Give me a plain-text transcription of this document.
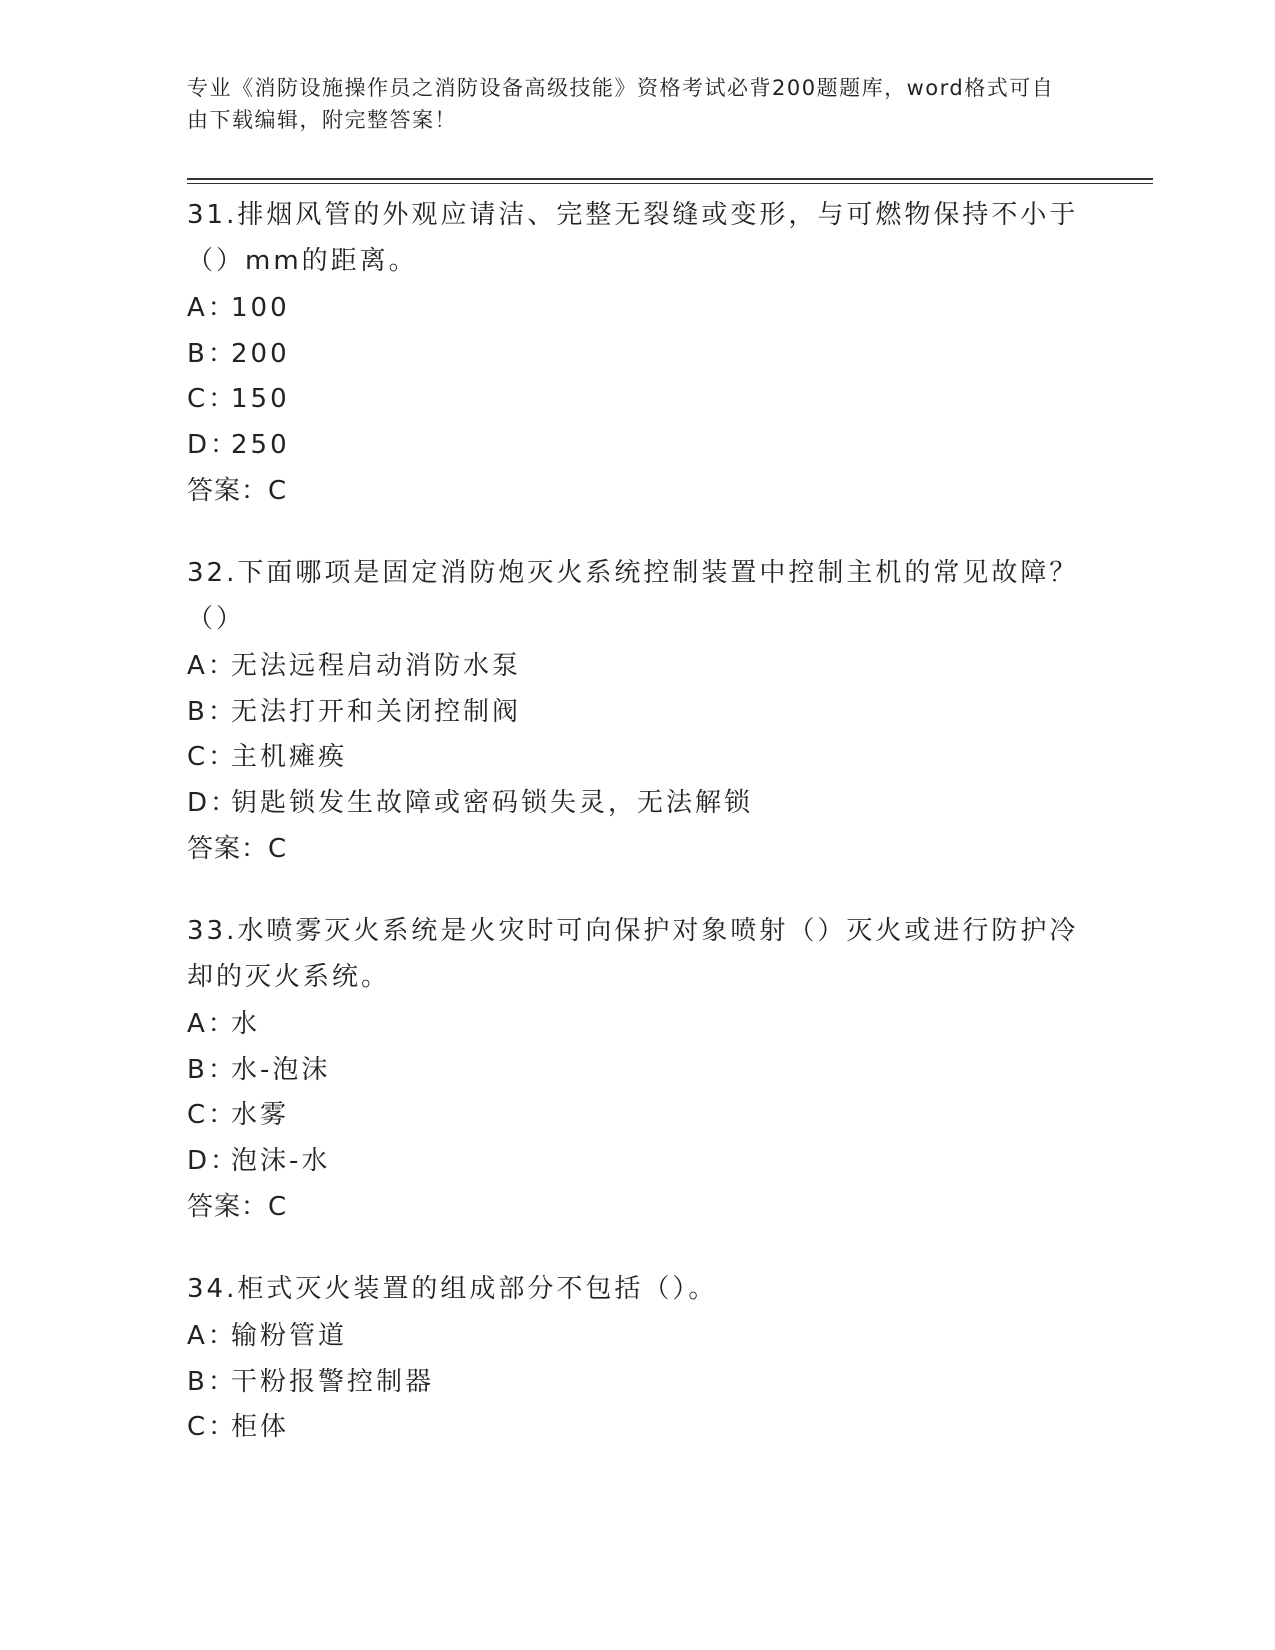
专业《消防设施操作员之消防设备高级技能》资格考试必背200题题库，word格式可自由下载编辑，附完整答案！
31.排烟风管的外观应请洁、完整无裂缝或变形，与可燃物保持不小于（）mm的距离。
A：100
B：200
C：150
D：250
答案：C
32.下面哪项是固定消防炮灭火系统控制装置中控制主机的常见故障？（）
A：无法远程启动消防水泵
B：无法打开和关闭控制阀
C：主机瘫痪
D：钥匙锁发生故障或密码锁失灵，无法解锁
答案：C
33.水喷雾灭火系统是火灾时可向保护对象喷射（）灭火或进行防护冷却的灭火系统。
A：水
B：水-泡沫
C：水雾
D：泡沫-水
答案：C
34.柜式灭火装置的组成部分不包括（）。
A：输粉管道
B：干粉报警控制器
C：柜体
